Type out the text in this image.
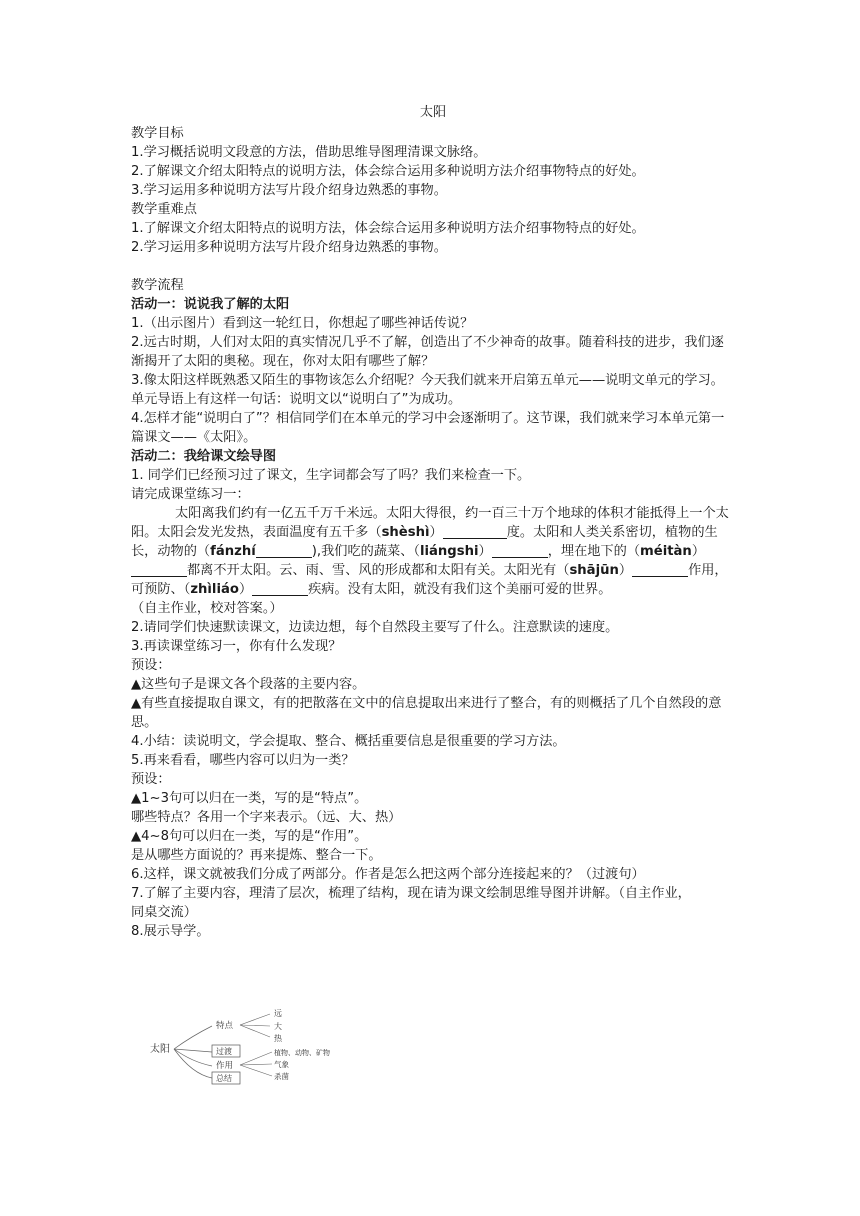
太阳
教学目标
1.学习概括说明文段意的方法，借助思维导图理清课文脉络。
2.了解课文介绍太阳特点的说明方法，体会综合运用多种说明方法介绍事物特点的好处。
3.学习运用多种说明方法写片段介绍身边熟悉的事物。
教学重难点
1.了解课文介绍太阳特点的说明方法，体会综合运用多种说明方法介绍事物特点的好处。
2.学习运用多种说明方法写片段介绍身边熟悉的事物。
教学流程
活动一：说说我了解的太阳
1.（出示图片）看到这一轮红日，你想起了哪些神话传说？
2.远古时期，人们对太阳的真实情况几乎不了解，创造出了不少神奇的故事。随着科技的进步，我们逐渐揭开了太阳的奥秘。现在，你对太阳有哪些了解？
3.像太阳这样既熟悉又陌生的事物该怎么介绍呢？今天我们就来开启第五单元——说明文单元的学习。单元导语上有这样一句话：说明文以“说明白了”为成功。
4.怎样才能“说明白了”？相信同学们在本单元的学习中会逐渐明了。这节课，我们就来学习本单元第一篇课文——《太阳》。
活动二：我给课文绘导图
1. 同学们已经预习过了课文，生字词都会写了吗？我们来检查一下。
请完成课堂练习一：
太阳离我们约有一亿五千万千米远。太阳大得很，约一百三十万个地球的体积才能抵得上一个太阳。太阳会发光发热，表面温度有五千多（shèshì）	度。太阳和人类关系密切，植物的生长，动物的（fánzhí	),我们吃的蔬菜、（liángshi）	，埋在地下的（méitàn）都离不开太阳。云、雨、雪、风的形成都和太阳有关。太阳光有（shājūn）	作用，可预防、（zhìliáo）	疾病。没有太阳，就没有我们这个美丽可爱的世界。
（自主作业，校对答案。）
2.请同学们快速默读课文，边读边想，每个自然段主要写了什么。注意默读的速度。
3.再读课堂练习一，你有什么发现？
预设：
▲这些句子是课文各个段落的主要内容。
▲有些直接提取自课文，有的把散落在文中的信息提取出来进行了整合，有的则概括了几个自然段的意思。
4.小结：读说明文，学会提取、整合、概括重要信息是很重要的学习方法。
5.再来看看，哪些内容可以归为一类？
预设：
▲1~3句可以归在一类，写的是“特点”。
哪些特点？各用一个字来表示。（远、大、热）
▲4~8句可以归在一类，写的是“作用”。
是从哪些方面说的？再来提炼、整合一下。
6.这样，课文就被我们分成了两部分。作者是怎么把这两个部分连接起来的？（过渡句）
7.了解了主要内容，理清了层次，梳理了结构，现在请为课文绘制思维导图并讲解。（自主作业，
同桌交流）
8.展示导学。
太阳
特点
远
大
热
过渡
作用
植物、动物、矿物
气象
杀菌
总结
